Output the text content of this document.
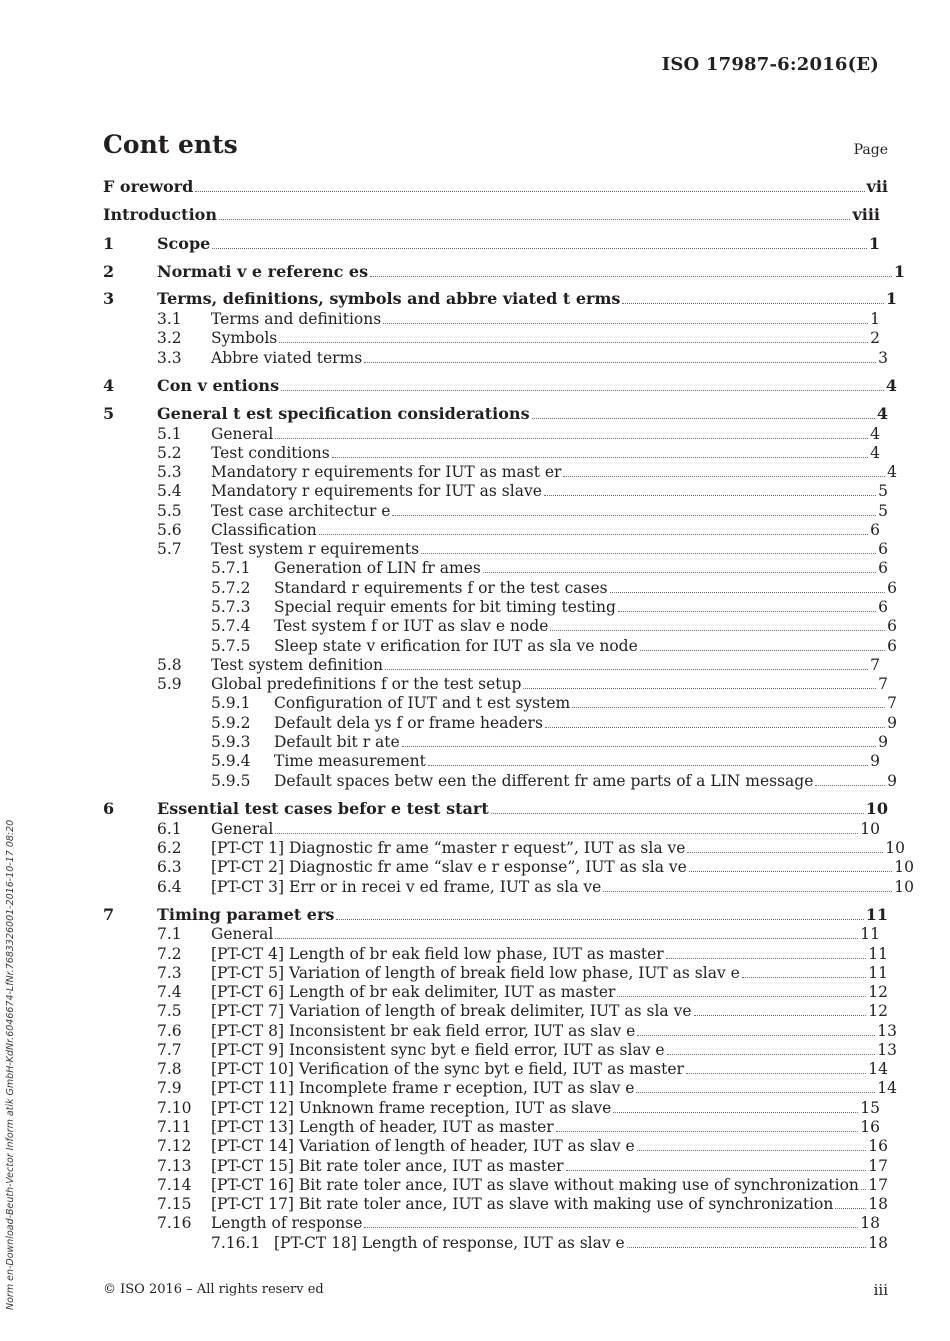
ISO 17987-6:2016(E)
Cont ents	Page
F oreword	vii
Introduction	viii
1	Scope	1
2	Normati v e referenc es	1
3	Terms, definitions, symbols and abbre viated t erms	1
3.1	Terms and definitions	1
3.2	Symbols	2
3.3	Abbre viated terms	3
4	Con v entions	4
5	General t est specification considerations	4
5.1	General	4
5.2	Test conditions	4
5.3	Mandatory r equirements for IUT as mast er	4
5.4	Mandatory r equirements for IUT as slave	5
5.5	Test case architectur e	5
5.6	Classification	6
5.7	Test system r equirements	6
5.7.1	Generation of LIN fr ames	6
5.7.2	Standard r equirements f or the test cases	6
5.7.3	Special requir ements for bit timing testing	6
5.7.4	Test system f or IUT as slav e node	6
5.7.5	Sleep state v erification for IUT as sla ve node	6
5.8	Test system definition	7
5.9	Global predefinitions f or the test setup	7
5.9.1	Configuration of IUT and t est system	7
5.9.2	Default dela ys f or frame headers	9
5.9.3	Default bit r ate	9
5.9.4	Time measurement	9
5.9.5	Default spaces betw een the different fr ame parts of a LIN message	9
6	Essential test cases befor e test start	10
6.1	General	10
6.2	[PT-CT 1] Diagnostic fr ame “master r equest”, IUT as sla ve	10
6.3	[PT-CT 2] Diagnostic fr ame “slav e r esponse”, IUT as sla ve	10
6.4	[PT-CT 3] Err or in recei v ed frame, IUT as sla ve	10
7	Timing paramet ers	11
7.1	General	11
7.2	[PT-CT 4] Length of br eak field low phase, IUT as master	11
7.3	[PT-CT 5] Variation of length of break field low phase, IUT as slav e	11
7.4	[PT-CT 6] Length of br eak delimiter, IUT as master	12
7.5	[PT-CT 7] Variation of length of break delimiter, IUT as sla ve	12
7.6	[PT-CT 8] Inconsistent br eak field error, IUT as slav e	13
7.7	[PT-CT 9] Inconsistent sync byt e field error, IUT as slav e	13
7.8	[PT-CT 10] Verification of the sync byt e field, IUT as master	14
7.9	[PT-CT 11] Incomplete frame r eception, IUT as slav e	14
7.10	[PT-CT 12] Unknown frame reception, IUT as slave	15
7.11	[PT-CT 13] Length of header, IUT as master	16
7.12	[PT-CT 14] Variation of length of header, IUT as slav e	16
7.13	[PT-CT 15] Bit rate toler ance, IUT as master	17
7.14	[PT-CT 16] Bit rate toler ance, IUT as slave without making use of synchronization 17
7.15	[PT-CT 17] Bit rate toler ance, IUT as slave with making use of synchronization 18
7.16	Length of response	18
7.16.1 [PT-CT 18] Length of response, IUT as slav e	18
© ISO 2016 – All rights reserv ed	iii
Norm en-Download-Beuth-Vector Inform atik GmbH-KdNr.6046674-LfNr.7683326001-2016-10-17 08:20
